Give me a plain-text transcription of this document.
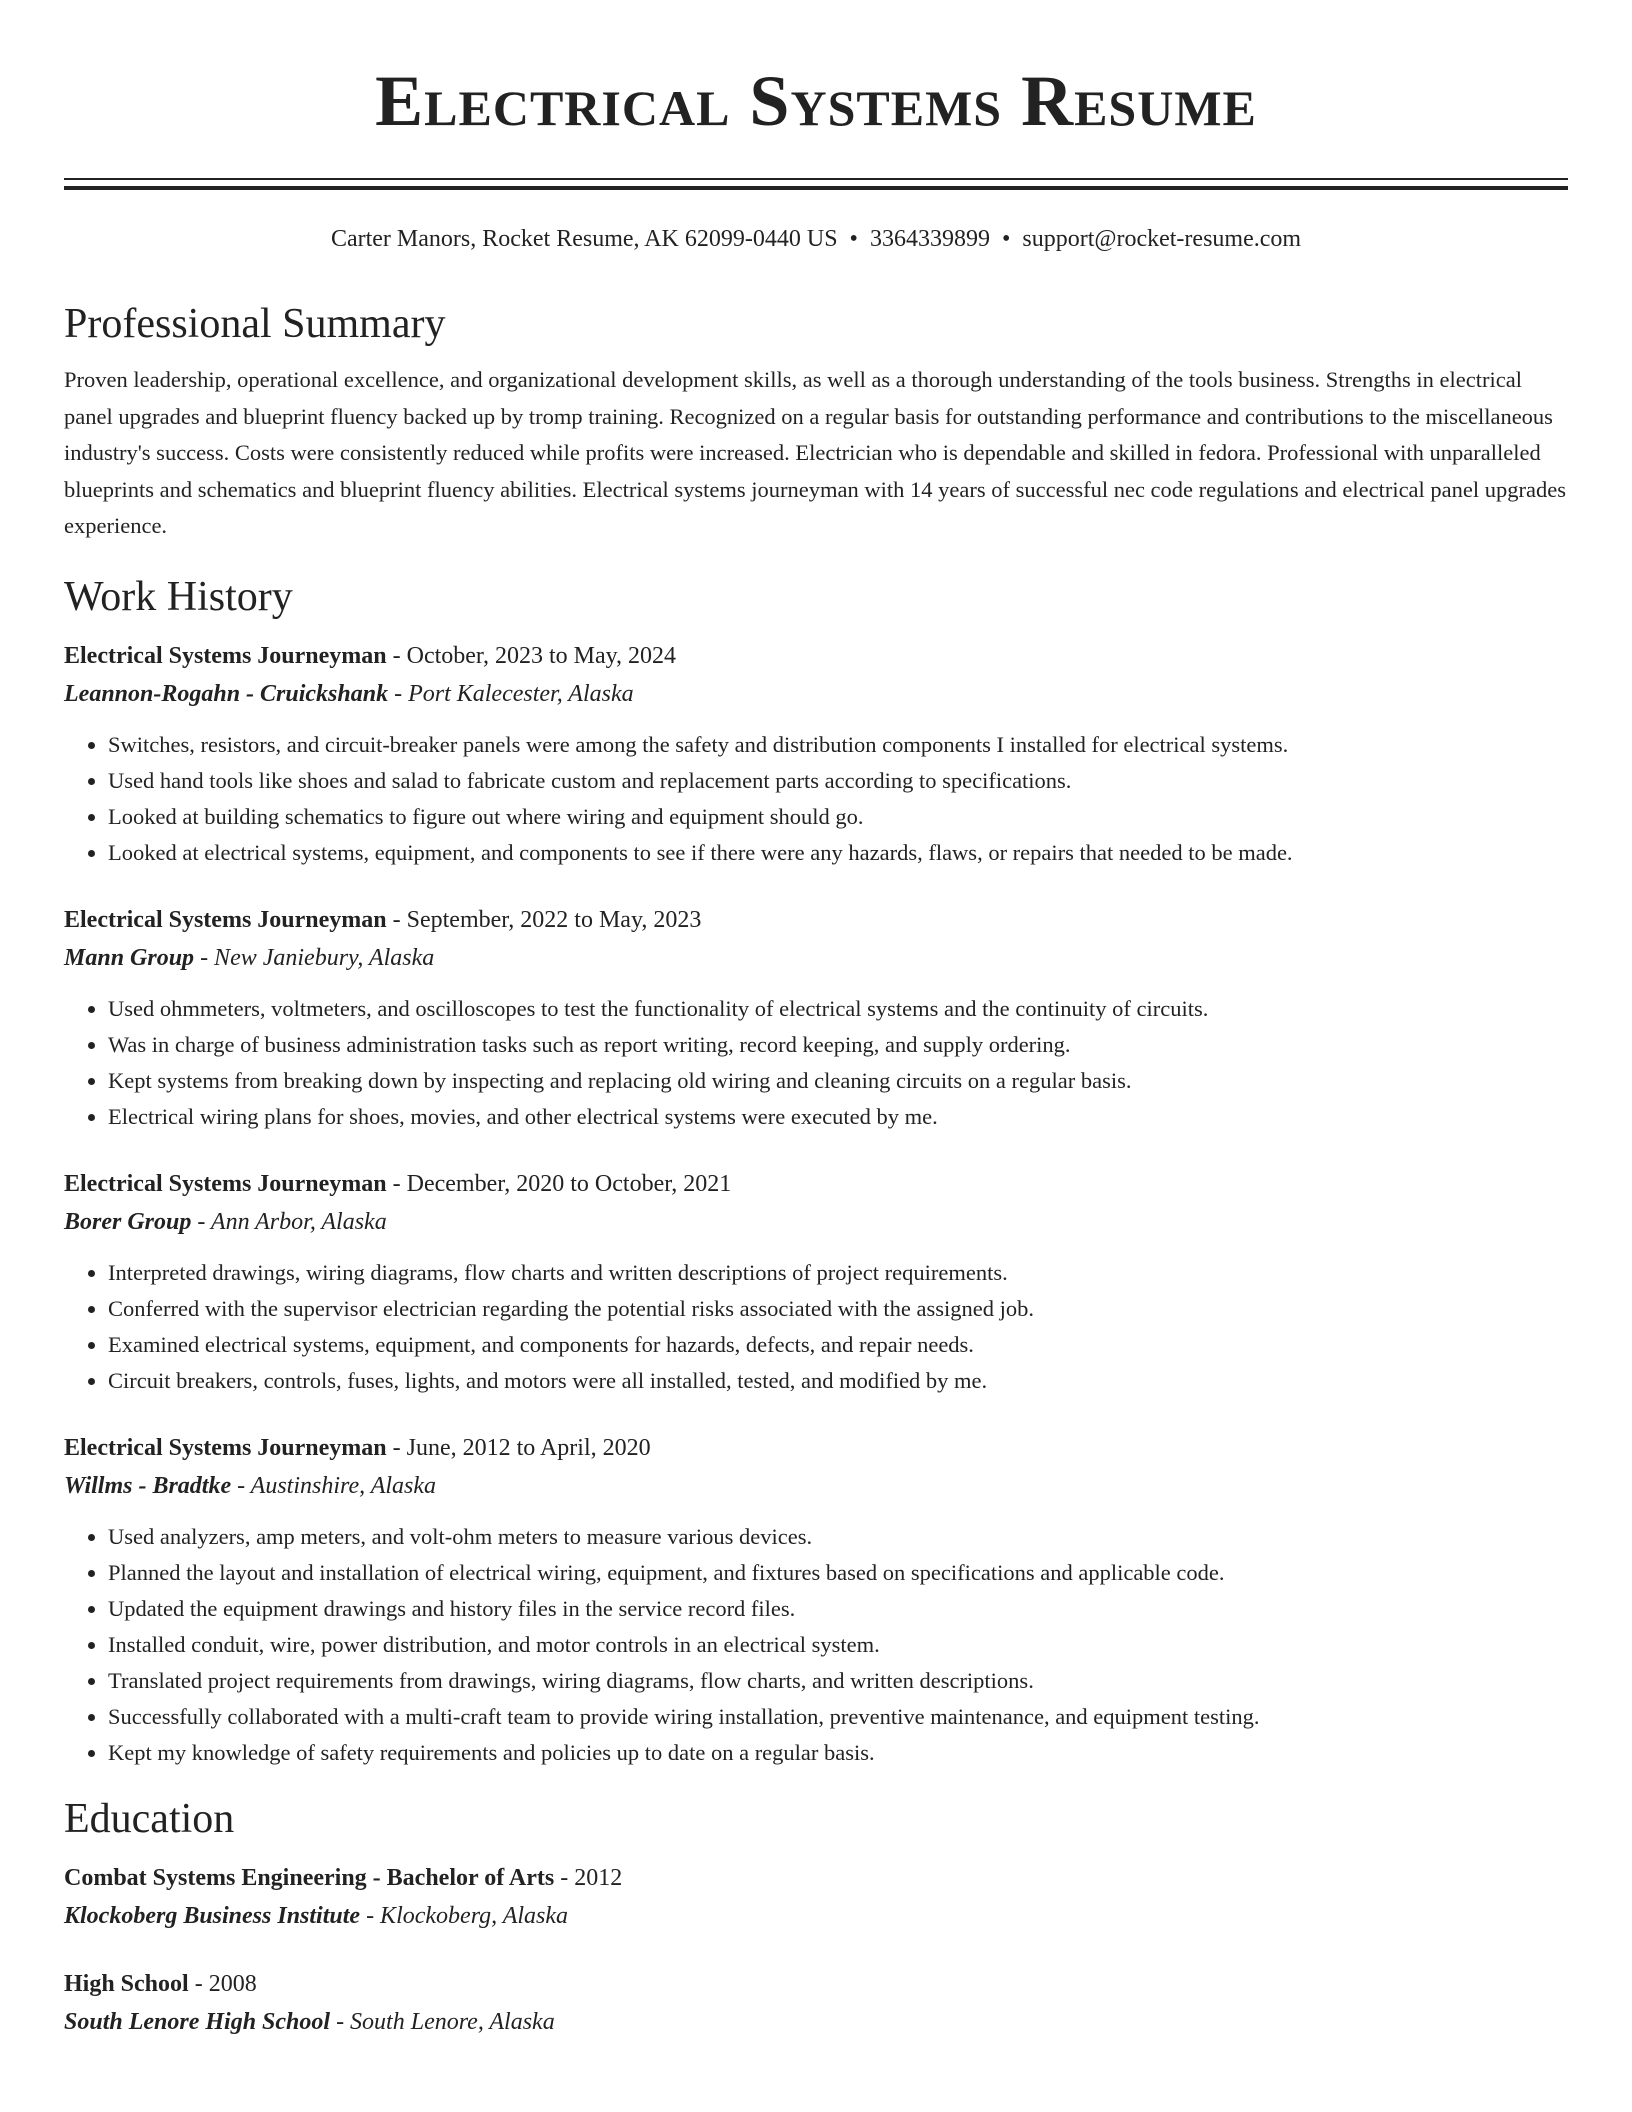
Electrical Systems Resume
Carter Manors, Rocket Resume, AK 62099-0440 US • 3364339899 • support@rocket-resume.com
Professional Summary

Proven leadership, operational excellence, and organizational development skills, as well as a thorough understanding of the tools business. Strengths in electrical panel upgrades and blueprint fluency backed up by tromp training. Recognized on a regular basis for outstanding performance and contributions to the miscellaneous industry's success. Costs were consistently reduced while profits were increased. Electrician who is dependable and skilled in fedora. Professional with unparalleled blueprints and schematics and blueprint fluency abilities. Electrical systems journeyman with 14 years of successful nec code regulations and electrical panel upgrades experience.

Work History
Electrical Systems Journeyman - October, 2023 to May, 2024
Leannon-Rogahn - Cruickshank - Port Kalecester, Alaska
• Switches, resistors, and circuit-breaker panels were among the safety and distribution components I installed for electrical systems.
• Used hand tools like shoes and salad to fabricate custom and replacement parts according to specifications.
• Looked at building schematics to figure out where wiring and equipment should go.
• Looked at electrical systems, equipment, and components to see if there were any hazards, flaws, or repairs that needed to be made.
Electrical Systems Journeyman - September, 2022 to May, 2023
Mann Group - New Janiebury, Alaska
• Used ohmmeters, voltmeters, and oscilloscopes to test the functionality of electrical systems and the continuity of circuits.
• Was in charge of business administration tasks such as report writing, record keeping, and supply ordering.
• Kept systems from breaking down by inspecting and replacing old wiring and cleaning circuits on a regular basis.
• Electrical wiring plans for shoes, movies, and other electrical systems were executed by me.
Electrical Systems Journeyman - December, 2020 to October, 2021
Borer Group - Ann Arbor, Alaska
• Interpreted drawings, wiring diagrams, flow charts and written descriptions of project requirements.
• Conferred with the supervisor electrician regarding the potential risks associated with the assigned job.
• Examined electrical systems, equipment, and components for hazards, defects, and repair needs.
• Circuit breakers, controls, fuses, lights, and motors were all installed, tested, and modified by me.
Electrical Systems Journeyman - June, 2012 to April, 2020
Willms - Bradtke - Austinshire, Alaska
• Used analyzers, amp meters, and volt-ohm meters to measure various devices.
• Planned the layout and installation of electrical wiring, equipment, and fixtures based on specifications and applicable code.
• Updated the equipment drawings and history files in the service record files.
• Installed conduit, wire, power distribution, and motor controls in an electrical system.
• Translated project requirements from drawings, wiring diagrams, flow charts, and written descriptions.
• Successfully collaborated with a multi-craft team to provide wiring installation, preventive maintenance, and equipment testing.
• Kept my knowledge of safety requirements and policies up to date on a regular basis.
Education
Combat Systems Engineering - Bachelor of Arts - 2012
Klockoberg Business Institute - Klockoberg, Alaska
High School - 2008
South Lenore High School - South Lenore, Alaska
